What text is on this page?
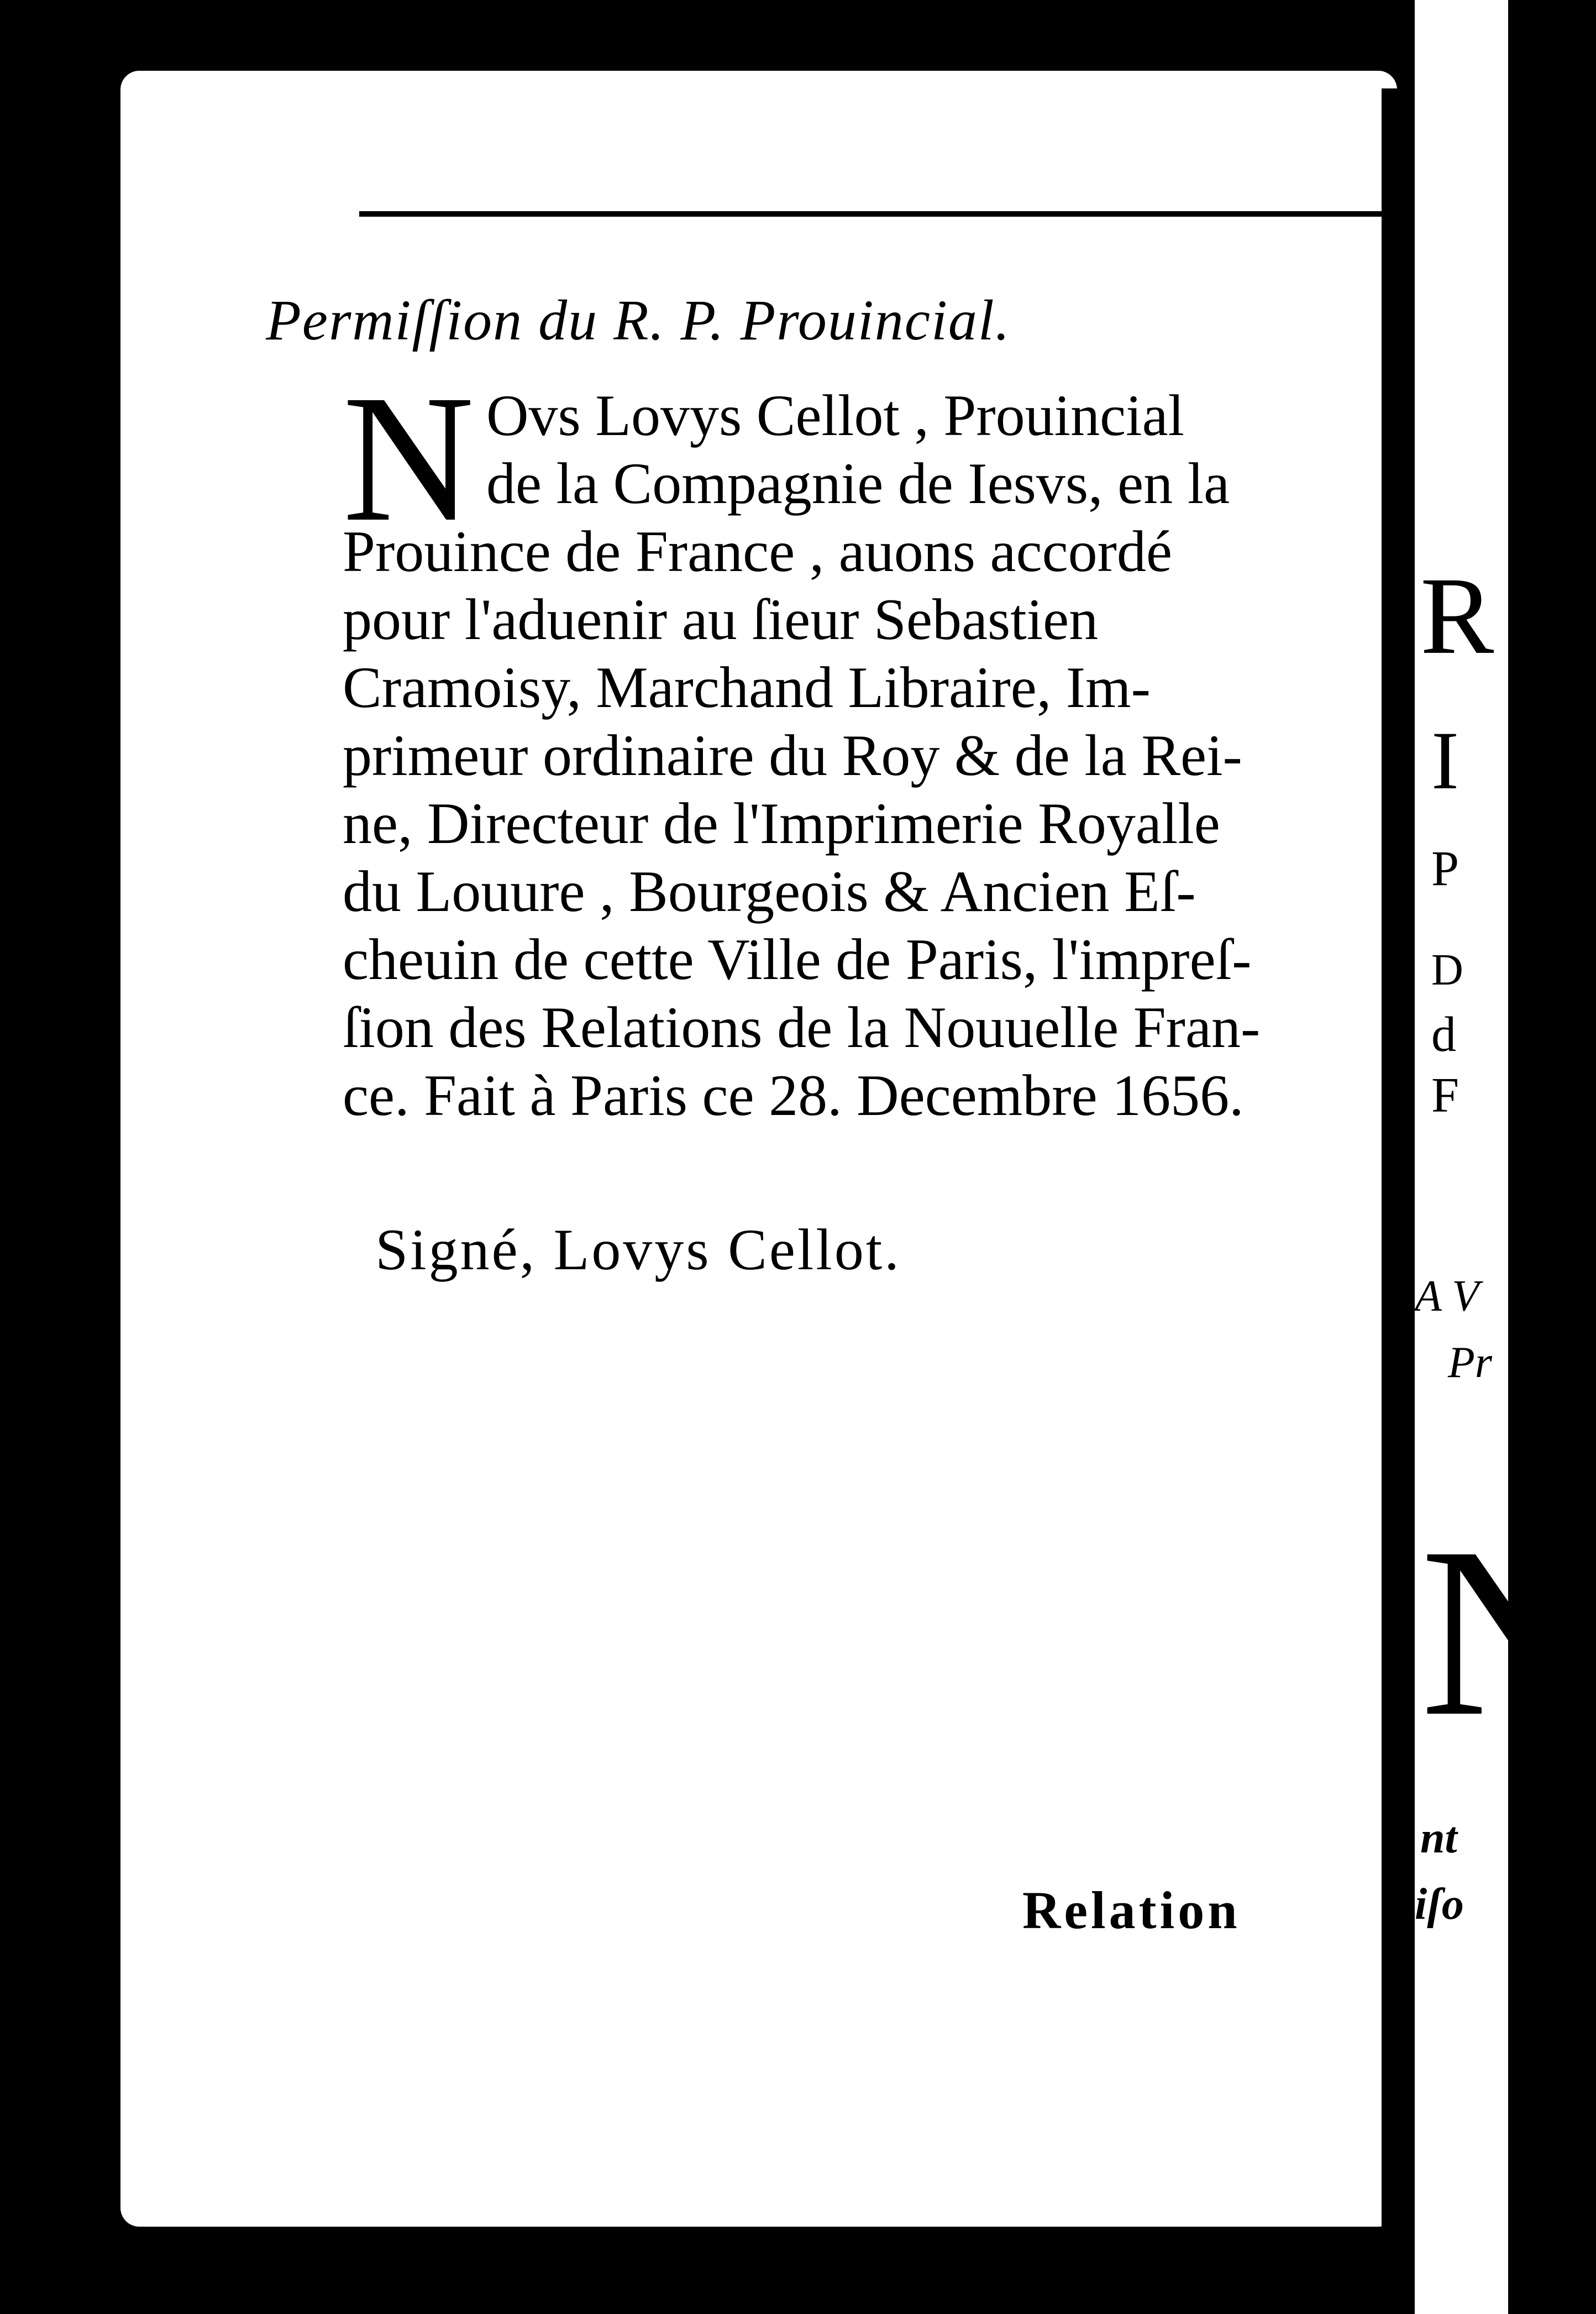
Permiſſion du R. P. Prouincial.
N Ovs Lovys Cellot , Prouincial
de la Compagnie de Iesvs, en la
Prouince de France , auons accordé
pour l'aduenir au ſieur Sebastien
Cramoisy, Marchand Libraire, Im-
primeur ordinaire du Roy & de la Rei-
ne, Directeur de l'Imprimerie Royalle
du Louure , Bourgeois & Ancien Eſ-
cheuin de cette Ville de Paris, l'impreſ-
ſion des Relations de la Nouuelle Fran-
ce. Fait à Paris ce 28. Decembre 1656.
Signé, Lovys Cellot.
Relation
R
I
P
D
d
F
A V
Pr
N
nt
iſo
